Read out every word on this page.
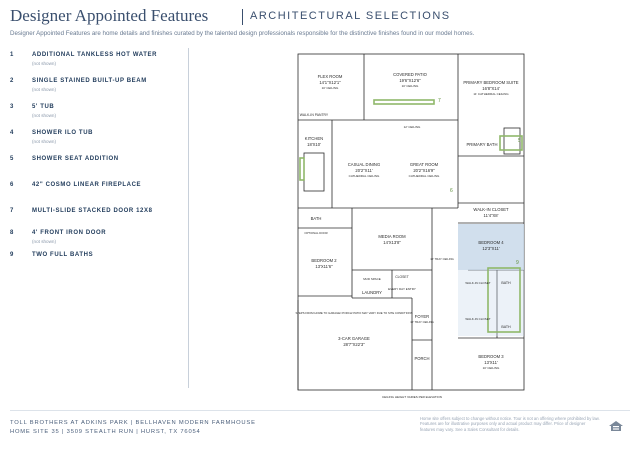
Designer Appointed Features	ARCHITECTURAL SELECTIONS
Designer Appointed Features are home details and finishes curated by the talented design professionals responsible for the distinctive finishes found in our model homes.
1	ADDITIONAL TANKLESS HOT WATER
(not shown)
2	SINGLE STAINED BUILT-UP BEAM
(not shown)
3	5' TUB
(not shown)
4	SHOWER ILO TUB
(not shown)
5	SHOWER SEAT ADDITION
6	42" COSMO LINEAR FIREPLACE
7	MULTI-SLIDE STACKED DOOR 12X8
8	4' FRONT IRON DOOR
(not shown)
9	TWO FULL BATHS
7
5
6
9
FLEX ROOM
14'1"X12'1"
10' CEILING
COVERED PATIO
19'6"X12'6"
10' CEILING
PRIMARY BEDROOM SUITE
16'8"X14'
11' CATHEDRAL CEILING
WALK-IN PANTRY
KITCHEN
18'X10'
CASUAL DINING
20'2"X11'
CATHEDRAL CEILING
GREAT ROOM
20'2"X16'9"
CATHEDRAL CEILING
PRIMARY BATH
WALK-IN CLOSET
11'4"X8'
BATH
MEDIA ROOM
14'X13'8"	BEDROOM 4
12'3"X11'
BEDROOM 2
13'X11'6"
MUD SPACE	CLOSET
LAUNDRY
EVERY DAY ENTRY
STEPS FROM HOME TO GARAGE/ PORCH/ PATIO MAY VARY DUE TO SITE CONDITIONS
3-CAR GARAGE
28'7"X22'3"
FOYER
12' TRAY CEILING
PORCH
WALK-IN CLOSET	BATH
WALK-IN CLOSET
BATH
BEDROOM 3
13'X11'
10' CEILING
12' CEILING
12' TRAY CEILING
OPTIONAL DOOR
CEILING HEIGHT VARIES PER ELEVATION
TOLL BROTHERS AT ADKINS PARK | BELLHAVEN MODERN FARMHOUSE
HOME SITE 35 | 3509 STEALTH RUN | HURST, TX 76054
Home site offers subject to change without notice. Tour is not an offering where prohibited by law. Features are for illustrative purposes only and actual product may differ. Price of designer features may vary. See a Sales Consultant for details.
